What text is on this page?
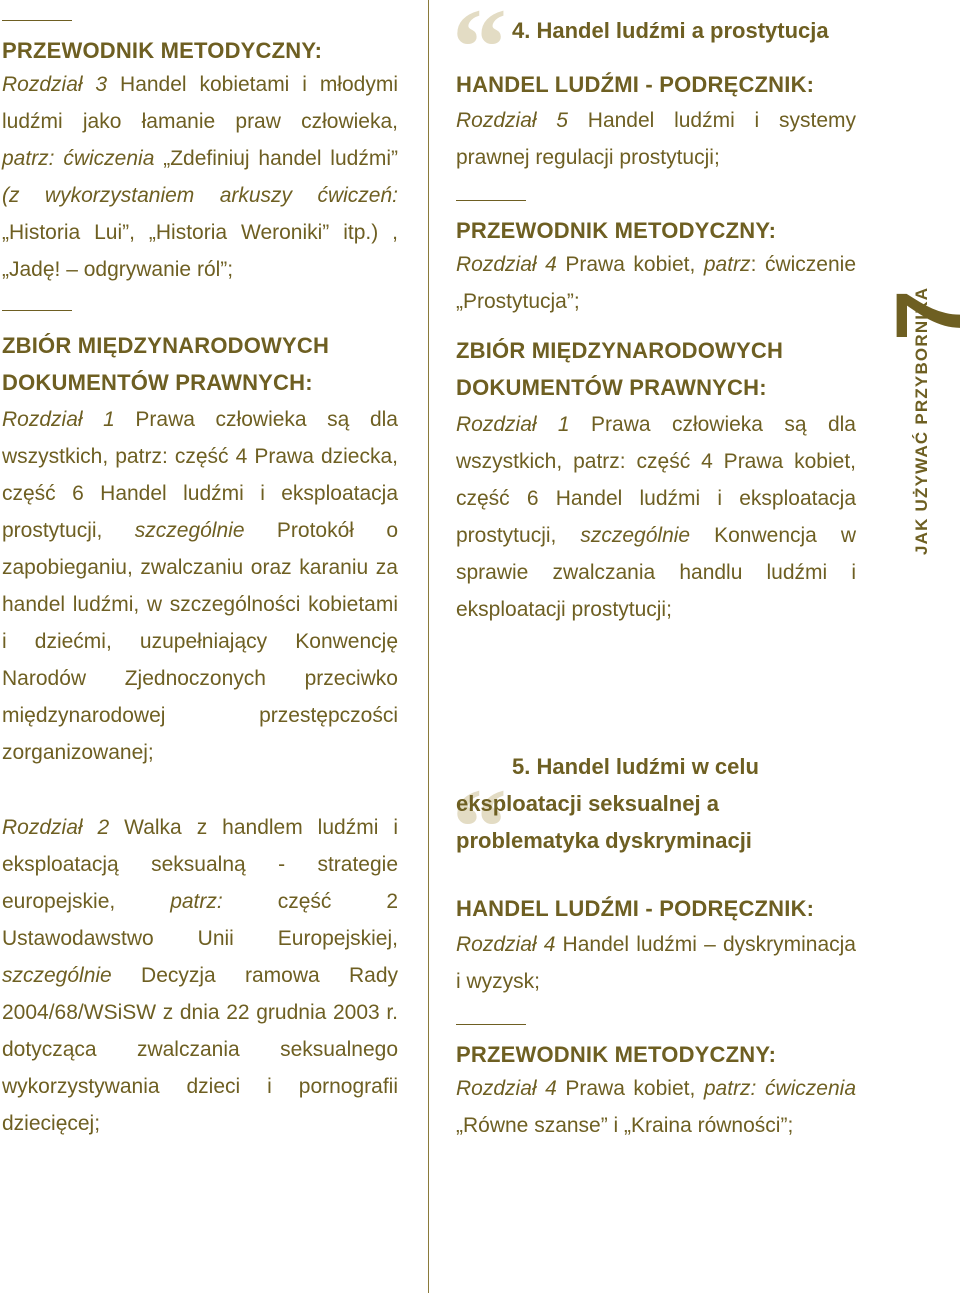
PRZEWODNIK METODYCZNY:
Rozdział 3 Handel kobietami i młodymi ludźmi jako łamanie praw człowieka, patrz: ćwiczenia „Zdefiniuj handel ludźmi” (z wykorzystaniem arkuszy ćwiczeń: „Historia Lui”, „Historia Weroniki” itp.) , „Jadę! – odgrywanie ról”;
ZBIÓR MIĘDZYNARODOWYCH DOKUMENTÓW PRAWNYCH:
Rozdział 1 Prawa człowieka są dla wszystkich, patrz: część 4 Prawa dziecka, część 6 Handel ludźmi i eksploatacja prostytucji, szczególnie Protokół o zapobieganiu, zwalczaniu oraz karaniu za handel ludźmi, w szczególności kobietami i dziećmi, uzupełniający Konwencję Narodów Zjednoczonych przeciwko międzynarodowej przestępczości zorganizowanej;
Rozdział 2 Walka z handlem ludźmi i eksploatacją seksualną - strategie europejskie, patrz: część 2 Ustawodawstwo Unii Europejskiej, szczególnie Decyzja ramowa Rady 2004/68/WSiSW z dnia 22 grudnia 2003 r. dotycząca zwalczania seksualnego wykorzystywania dzieci i pornografii dziecięcej;
“
“
4. Handel ludźmi a prostytucja
HANDEL LUDŹMI - PODRĘCZNIK:
Rozdział 5 Handel ludźmi i systemy prawnej regulacji prostytucji;
PRZEWODNIK METODYCZNY:
Rozdział 4 Prawa kobiet, patrz: ćwiczenie „Prostytucja”;
ZBIÓR MIĘDZYNARODOWYCH DOKUMENTÓW PRAWNYCH:
Rozdział 1 Prawa człowieka są dla wszystkich, patrz: część 4 Prawa kobiet, część 6 Handel ludźmi i eksploatacja prostytucji, szczególnie Konwencja w sprawie zwalczania handlu ludźmi i eksploatacji prostytucji;
5. Handel ludźmi w celu eksploatacji seksualnej a problematyka dyskryminacji
HANDEL LUDŹMI - PODRĘCZNIK:
Rozdział 4 Handel ludźmi – dyskryminacja i wyzysk;
PRZEWODNIK METODYCZNY:
Rozdział 4 Prawa kobiet, patrz: ćwiczenia „Równe szanse” i „Kraina równości”;
7
JAK UŻYWAĆ PRZYBORNIKA
